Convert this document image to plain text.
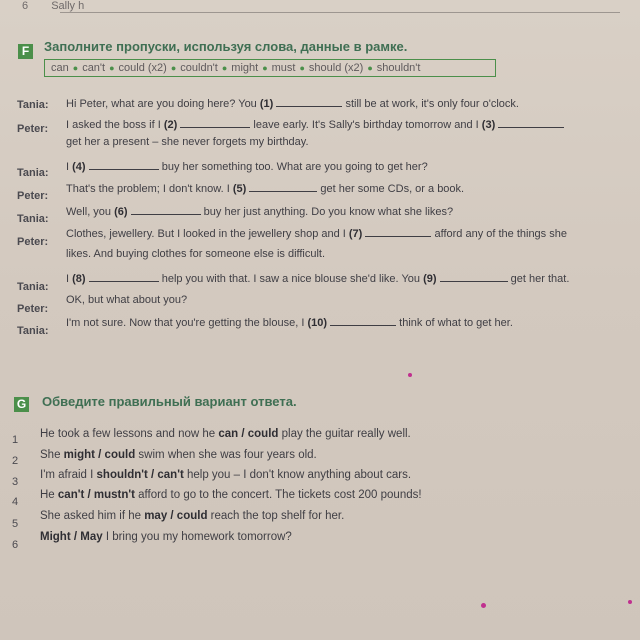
6 Sally h
F Заполните пропуски, используя слова, данные в рамке.
can ● can't ● could (x2) ● couldn't ● might ● must ● should (x2) ● shouldn't
Tania: Hi Peter, what are you doing here? You (1)	still be at work, it's only four o'clock.
Peter: I asked the boss if I (2)	leave early. It's Sally's birthday tomorrow and I (3)
get her a present – she never forgets my birthday.
Tania: I (4)	buy her something too. What are you going to get her?
Peter:
That's the problem; I don't know. I (5)	get her some CDs, or a book.
Tania:
Well, you (6)	buy her just anything. Do you know what she likes?
Peter:
Clothes, jewellery. But I looked in the jewellery shop and I (7)	afford any of the things she
likes. And buying clothes for someone else is difficult.
Tania:
I (8)	help you with that. I saw a nice blouse she'd like. You (9)	get her that.
Peter:
OK, but what about you?
Tania:
I'm not sure. Now that you're getting the blouse, I (10)	think of what to get her.
G Обведите правильный вариант ответа.
1 He took a few lessons and now he can / could play the guitar really well.
2 She might / could swim when she was four years old.
3
I'm afraid I shouldn't / can't help you – I don't know anything about cars.
4
He can't / mustn't afford to go to the concert. The tickets cost 200 pounds!
5
She asked him if he may / could reach the top shelf for her.
6
Might / May I bring you my homework tomorrow?
